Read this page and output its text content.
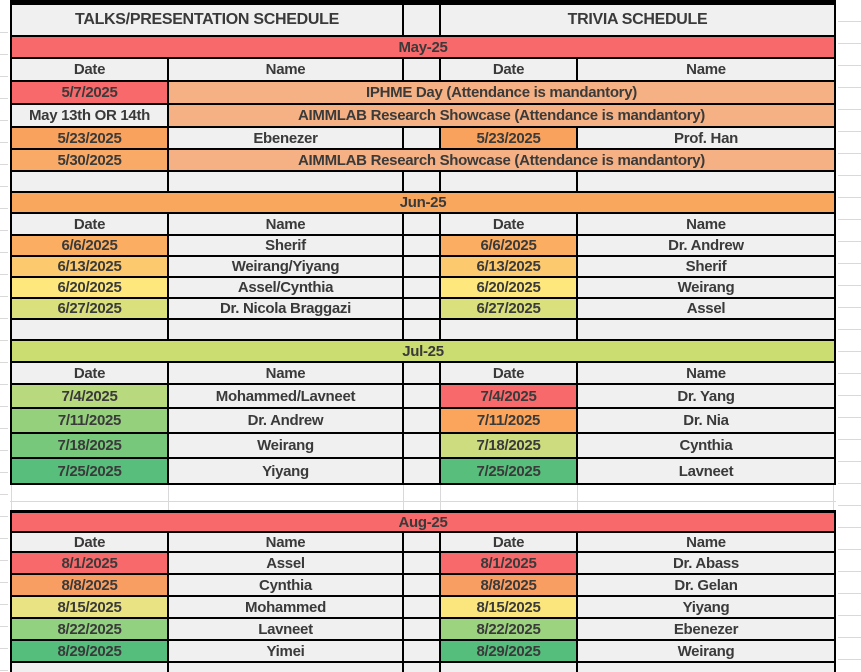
TALKS/PRESENTATION SCHEDULE	TRIVIA SCHEDULE
May-25
Date	Name	Date	Name
5/7/2025	IPHME Day (Attendance is mandantory)
May 13th OR 14th	AIMMLAB Research Showcase (Attendance is mandantory)
5/23/2025	Ebenezer	5/23/2025	Prof. Han
5/30/2025	AIMMLAB Research Showcase (Attendance is mandantory)
Jun-25
Date	Name	Date	Name
6/6/2025	Sherif	6/6/2025	Dr. Andrew
6/13/2025	Weirang/Yiyang	6/13/2025	Sherif
6/20/2025	Assel/Cynthia	6/20/2025	Weirang
6/27/2025	Dr. Nicola Braggazi	6/27/2025	Assel
Jul-25
Date	Name	Date	Name
7/4/2025	Mohammed/Lavneet	7/4/2025	Dr. Yang
7/11/2025	Dr. Andrew	7/11/2025	Dr. Nia
7/18/2025	Weirang	7/18/2025	Cynthia
7/25/2025	Yiyang	7/25/2025	Lavneet
Aug-25
Date	Name	Date	Name
8/1/2025	Assel	8/1/2025	Dr. Abass
8/8/2025	Cynthia	8/8/2025	Dr. Gelan
8/15/2025	Mohammed	8/15/2025	Yiyang
8/22/2025	Lavneet	8/22/2025	Ebenezer
8/29/2025	Yimei	8/29/2025	Weirang
